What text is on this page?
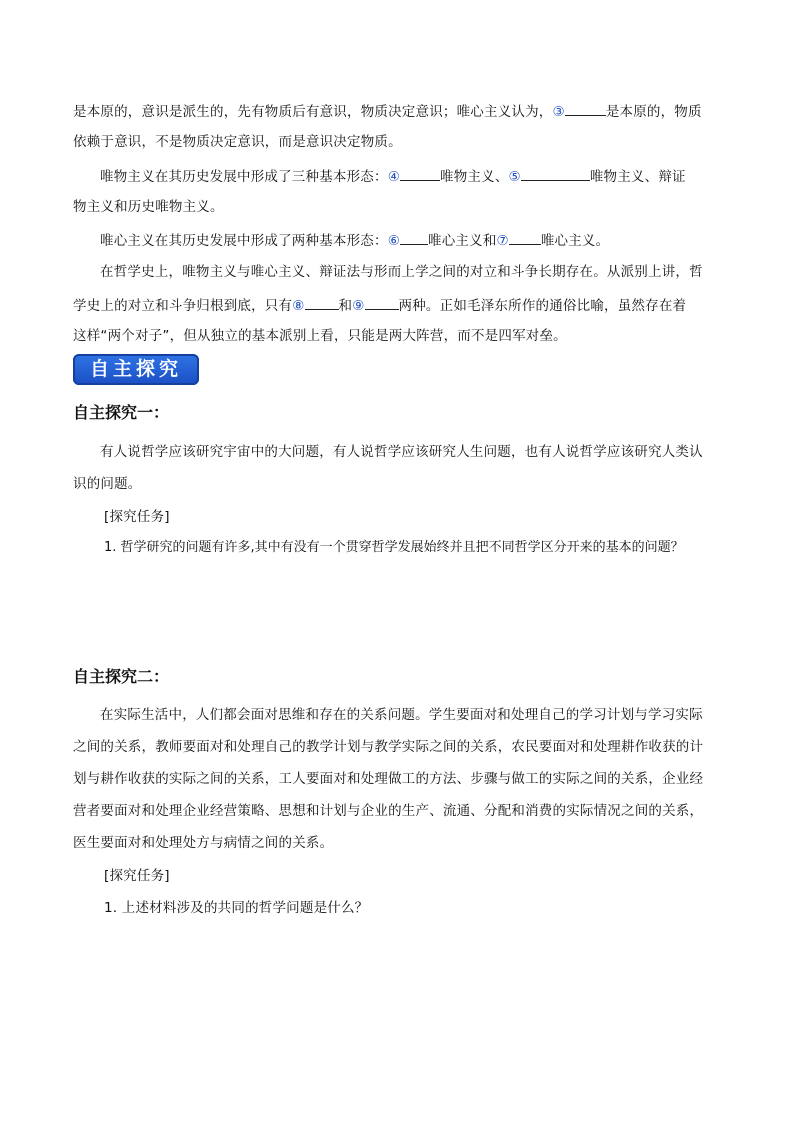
是本原的，意识是派生的，先有物质后有意识，物质决定意识；唯心主义认为，③	是本原的，物质
依赖于意识，不是物质决定意识，而是意识决定物质。
唯物主义在其历史发展中形成了三种基本形态：④	唯物主义、⑤	唯物主义、辩证
物主义和历史唯物主义。
唯心主义在其历史发展中形成了两种基本形态：⑥ 唯心主义和⑦ 唯心主义。
在哲学史上，唯物主义与唯心主义、辩证法与形而上学之间的对立和斗争长期存在。从派别上讲，哲
学史上的对立和斗争归根到底，只有⑧	和⑨	两种。正如毛泽东所作的通俗比喻，虽然存在着
这样“两个对子”，但从独立的基本派别上看，只能是两大阵营，而不是四军对垒。
自主探究
自主探究一：
有人说哲学应该研究宇宙中的大问题，有人说哲学应该研究人生问题，也有人说哲学应该研究人类认
识的问题。
[探究任务]
1. 哲学研究的问题有许多,其中有没有一个贯穿哲学发展始终并且把不同哲学区分开来的基本的问题？
自主探究二：
在实际生活中，人们都会面对思维和存在的关系问题。学生要面对和处理自己的学习计划与学习实际
之间的关系，教师要面对和处理自己的教学计划与教学实际之间的关系，农民要面对和处理耕作收获的计
划与耕作收获的实际之间的关系，工人要面对和处理做工的方法、步骤与做工的实际之间的关系，企业经
营者要面对和处理企业经营策略、思想和计划与企业的生产、流通、分配和消费的实际情况之间的关系，
医生要面对和处理处方与病情之间的关系。
[探究任务]
1. 上述材料涉及的共同的哲学问题是什么？
